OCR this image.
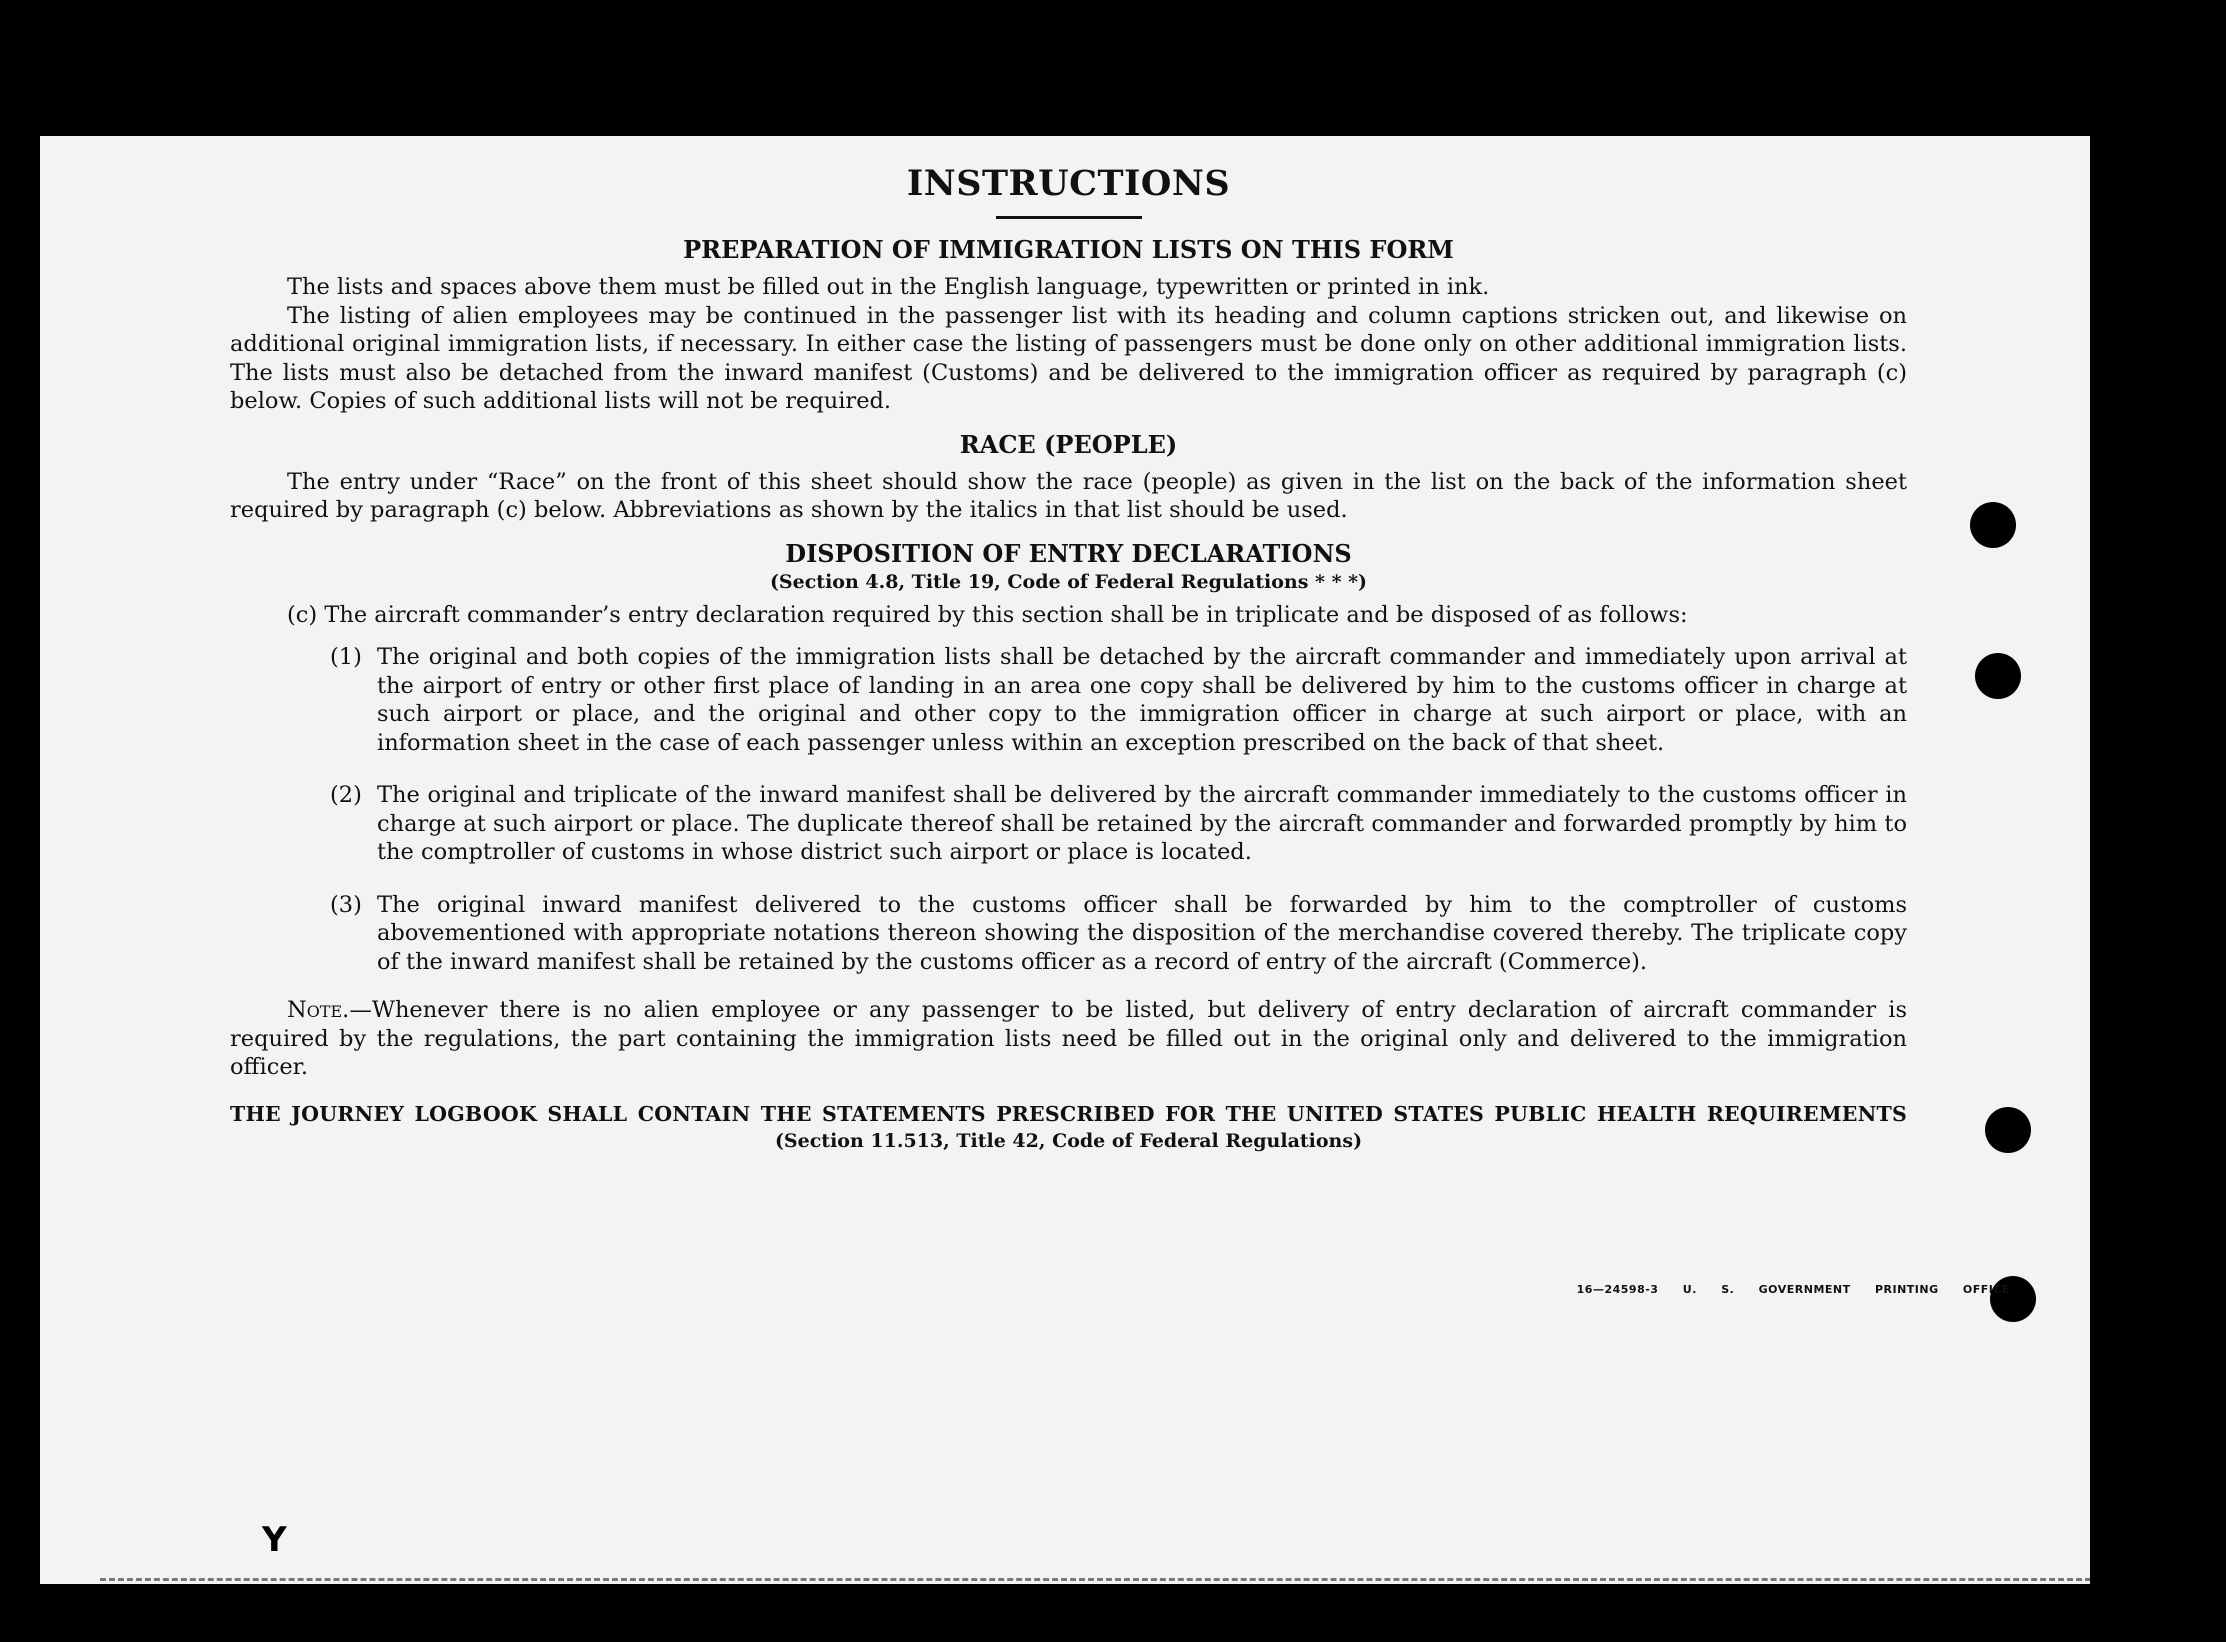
INSTRUCTIONS
PREPARATION OF IMMIGRATION LISTS ON THIS FORM

The lists and spaces above them must be filled out in the English language, typewritten or printed in ink.

The listing of alien employees may be continued in the passenger list with its heading and column captions stricken out, and likewise on additional original immigration lists, if necessary. In either case the listing of passengers must be done only on other additional immigration lists. The lists must also be detached from the inward manifest (Customs) and be delivered to the immigration officer as required by paragraph (c) below. Copies of such additional lists will not be required.

RACE (PEOPLE)

The entry under “Race” on the front of this sheet should show the race (people) as given in the list on the back of the information sheet required by paragraph (c) below. Abbreviations as shown by the italics in that list should be used.

DISPOSITION OF ENTRY DECLARATIONS
(Section 4.8, Title 19, Code of Federal Regulations * * *)

(c) The aircraft commander’s entry declaration required by this section shall be in triplicate and be disposed of as follows:

(1) The original and both copies of the immigration lists shall be detached by the aircraft commander and immediately upon arrival at the airport of entry or other first place of landing in an area one copy shall be delivered by him to the customs officer in charge at such airport or place, and the original and other copy to the immigration officer in charge at such airport or place, with an information sheet in the case of each passenger unless within an exception prescribed on the back of that sheet.
(2) The original and triplicate of the inward manifest shall be delivered by the aircraft commander immediately to the customs officer in charge at such airport or place. The duplicate thereof shall be retained by the aircraft commander and forwarded promptly by him to the comptroller of customs in whose district such airport or place is located.
(3) The original inward manifest delivered to the customs officer shall be forwarded by him to the comptroller of customs abovementioned with appropriate notations thereon showing the disposition of the merchandise covered thereby. The triplicate copy of the inward manifest shall be retained by the customs officer as a record of entry of the aircraft (Commerce).

Note.—Whenever there is no alien employee or any passenger to be listed, but delivery of entry declaration of aircraft commander is required by the regulations, the part containing the immigration lists need be filled out in the original only and delivered to the immigration officer.

THE JOURNEY LOGBOOK SHALL CONTAIN THE STATEMENTS PRESCRIBED FOR THE UNITED STATES PUBLIC HEALTH REQUIREMENTS
(Section 11.513, Title 42, Code of Federal Regulations)
16—24598-3 U. S. GOVERNMENT PRINTING OFFICE
Y
